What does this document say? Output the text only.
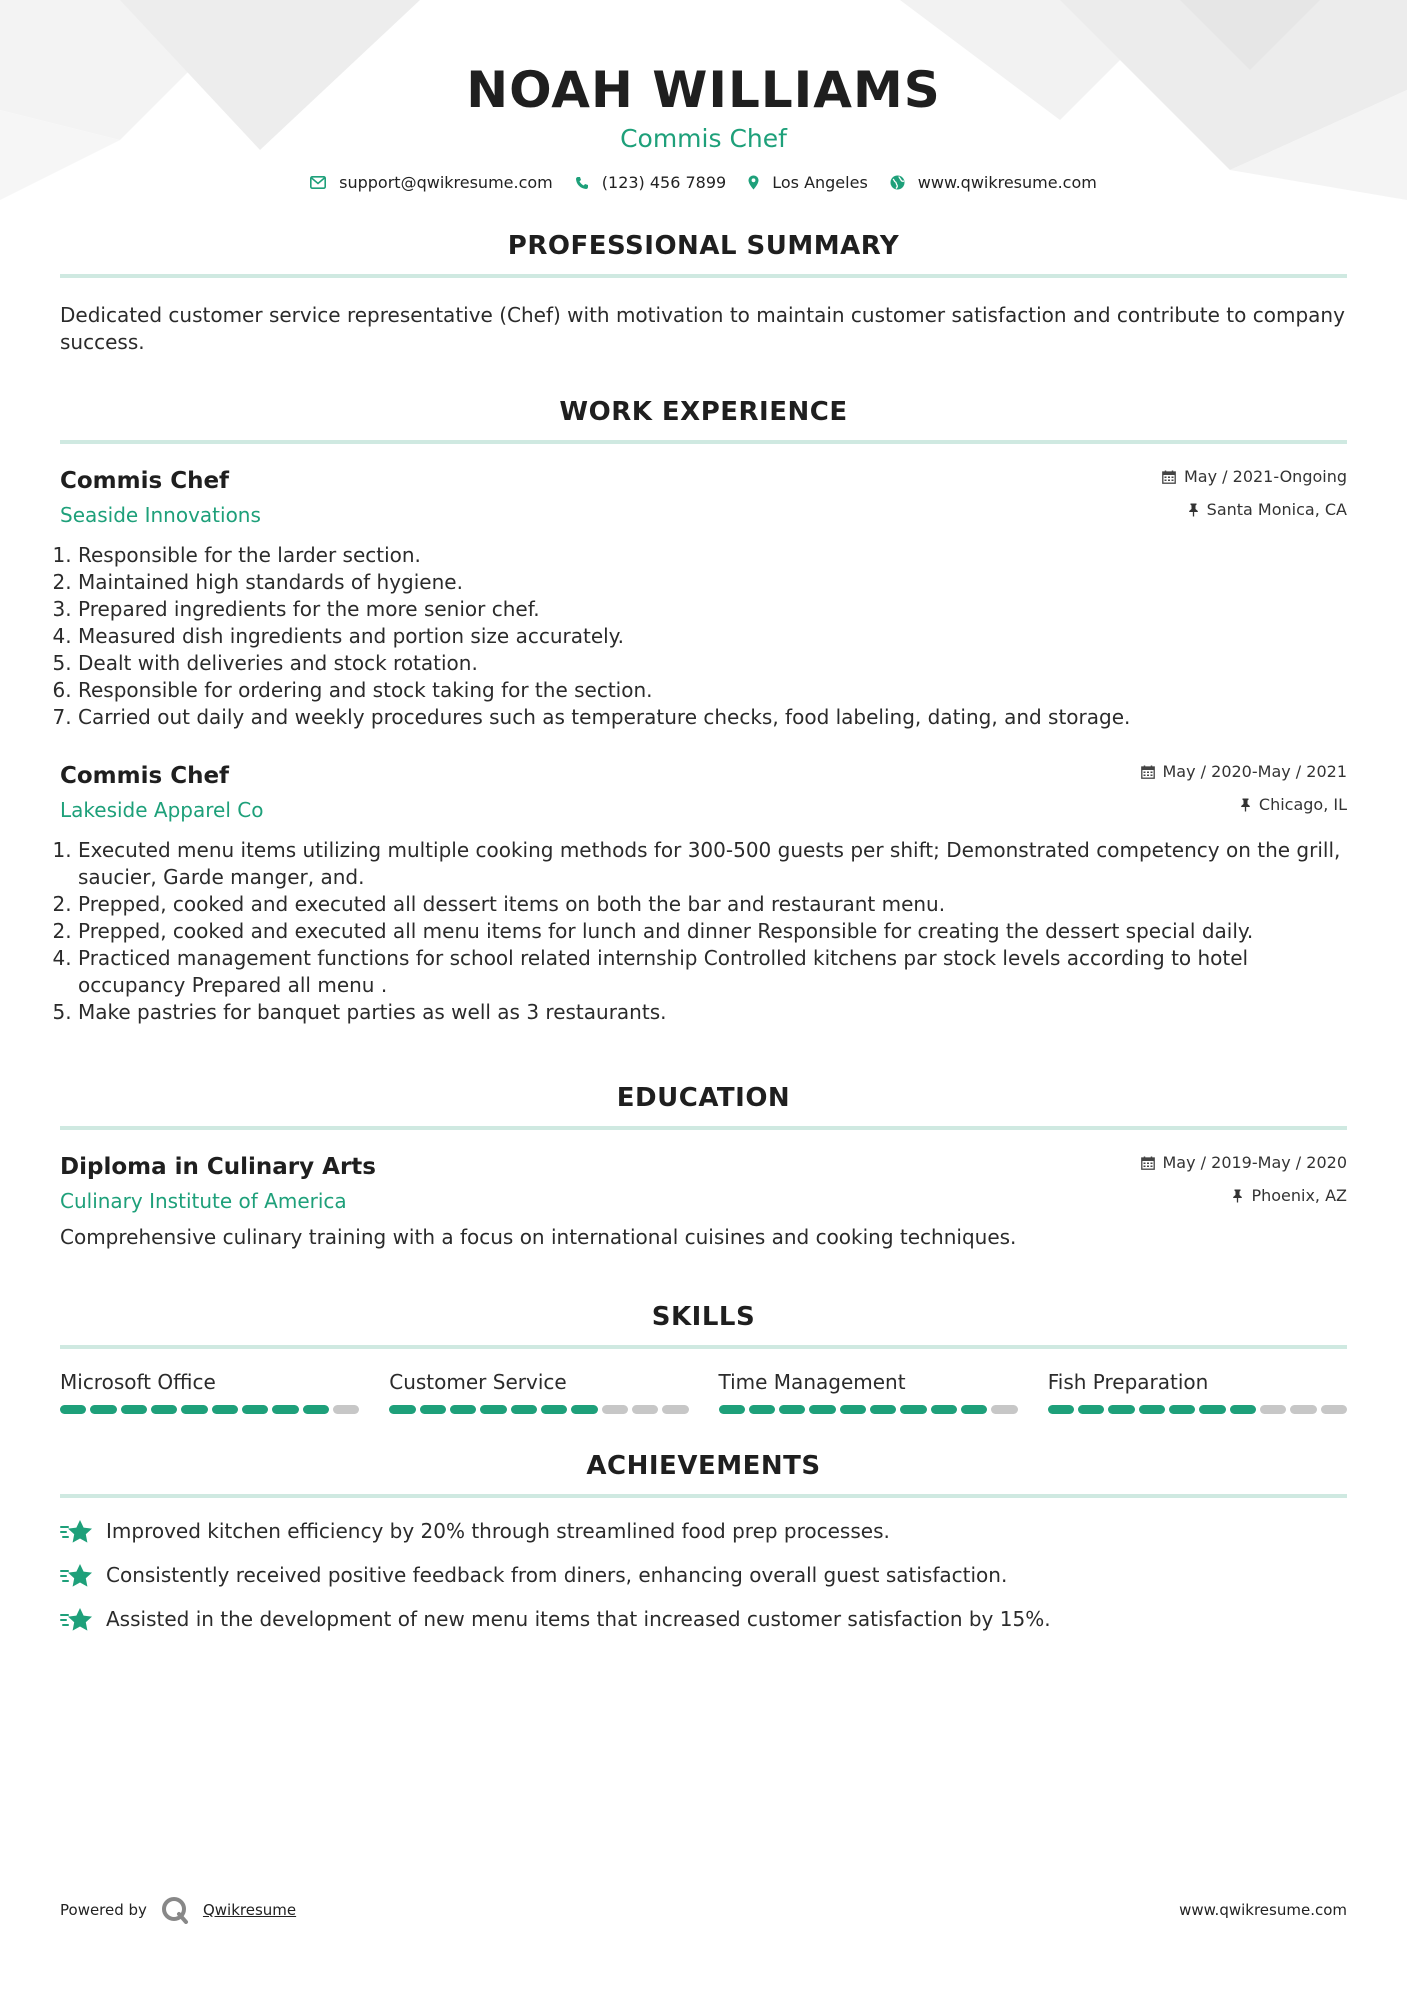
NOAH WILLIAMS
Commis Chef
support@qwikresume.com	(123) 456 7899	Los Angeles	www.qwikresume.com
PROFESSIONAL SUMMARY

Dedicated customer service representative (Chef) with motivation to maintain customer satisfaction and contribute to company success.

WORK EXPERIENCE
Commis Chef
Seaside Innovations
May / 2021-Ongoing
Santa Monica, CA
1. Responsible for the larder section.
2. Maintained high standards of hygiene.
3. Prepared ingredients for the more senior chef.
4. Measured dish ingredients and portion size accurately.
5. Dealt with deliveries and stock rotation.
6. Responsible for ordering and stock taking for the section.
7. Carried out daily and weekly procedures such as temperature checks, food labeling, dating, and storage.
Commis Chef
Lakeside Apparel Co
May / 2020-May / 2021
Chicago, IL
1. Executed menu items utilizing multiple cooking methods for 300-500 guests per shift; Demonstrated competency on the grill, saucier, Garde manger, and.
2. Prepped, cooked and executed all dessert items on both the bar and restaurant menu.
2. Prepped, cooked and executed all menu items for lunch and dinner Responsible for creating the dessert special daily.
4. Practiced management functions for school related internship Controlled kitchens par stock levels according to hotel occupancy Prepared all menu .
5. Make pastries for banquet parties as well as 3 restaurants.
EDUCATION
Diploma in Culinary Arts
Culinary Institute of America
May / 2019-May / 2020
Phoenix, AZ

Comprehensive culinary training with a focus on international cuisines and cooking techniques.

SKILLS
Microsoft Office	Customer Service	Time Management	Fish Preparation
ACHIEVEMENTS
Improved kitchen efficiency by 20% through streamlined food prep processes.
Consistently received positive feedback from diners, enhancing overall guest satisfaction.
Assisted in the development of new menu items that increased customer satisfaction by 15%.
Powered by	Qwikresume	www.qwikresume.com
